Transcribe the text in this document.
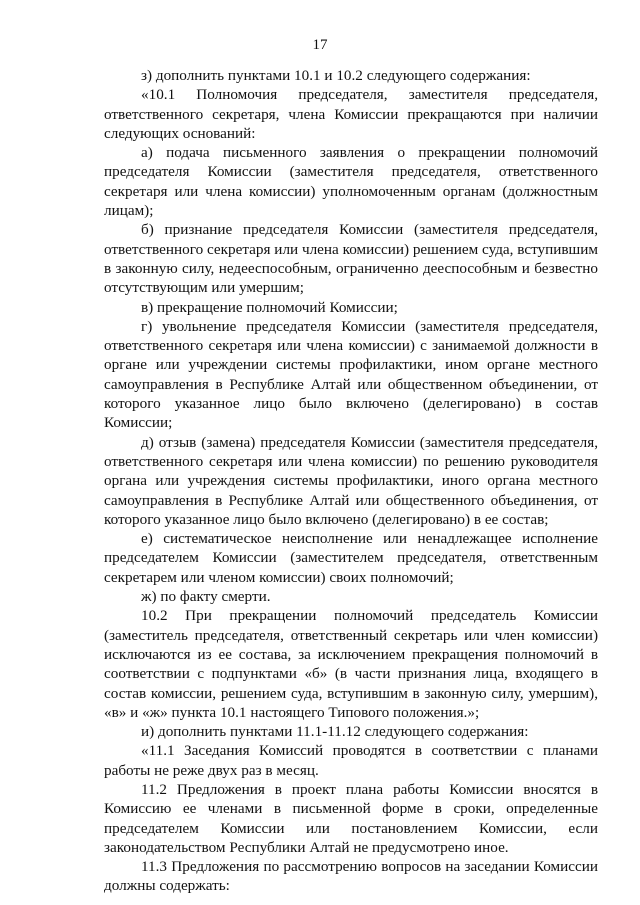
17

з) дополнить пунктами 10.1 и 10.2 следующего содержания:

«10.1 Полномочия председателя, заместителя председателя, ответственного секретаря, члена Комиссии прекращаются при наличии следующих оснований:

а) подача письменного заявления о прекращении полномочий председателя Комиссии (заместителя председателя, ответственного секретаря или члена комиссии) уполномоченным органам (должностным лицам);

б) признание председателя Комиссии (заместителя председателя, ответственного секретаря или члена комиссии) решением суда, вступившим в законную силу, недееспособным, ограниченно дееспособным и безвестно отсутствующим или умершим;

в) прекращение полномочий Комиссии;

г) увольнение председателя Комиссии (заместителя председателя, ответственного секретаря или члена комиссии) с занимаемой должности в органе или учреждении системы профилактики, ином органе местного самоуправления в Республике Алтай или общественном объединении, от которого указанное лицо было включено (делегировано) в состав Комиссии;

д) отзыв (замена) председателя Комиссии (заместителя председателя, ответственного секретаря или члена комиссии) по решению руководителя органа или учреждения системы профилактики, иного органа местного самоуправления в Республике Алтай или общественного объединения, от которого указанное лицо было включено (делегировано) в ее состав;

е) систематическое неисполнение или ненадлежащее исполнение председателем Комиссии (заместителем председателя, ответственным секретарем или членом комиссии) своих полномочий;

ж) по факту смерти.

10.2 При прекращении полномочий председатель Комиссии (заместитель председателя, ответственный секретарь или член комиссии) исключаются из ее состава, за исключением прекращения полномочий в соответствии с подпунктами «б» (в части признания лица, входящего в состав комиссии, решением суда, вступившим в законную силу, умершим), «в» и «ж» пункта 10.1 настоящего Типового положения.»;

и) дополнить пунктами 11.1-11.12 следующего содержания:

«11.1 Заседания Комиссий проводятся в соответствии с планами работы не реже двух раз в месяц.

11.2 Предложения в проект плана работы Комиссии вносятся в Комиссию ее членами в письменной форме в сроки, определенные председателем Комиссии или постановлением Комиссии, если законодательством Республики Алтай не предусмотрено иное.

11.3 Предложения по рассмотрению вопросов на заседании Комиссии должны содержать:
